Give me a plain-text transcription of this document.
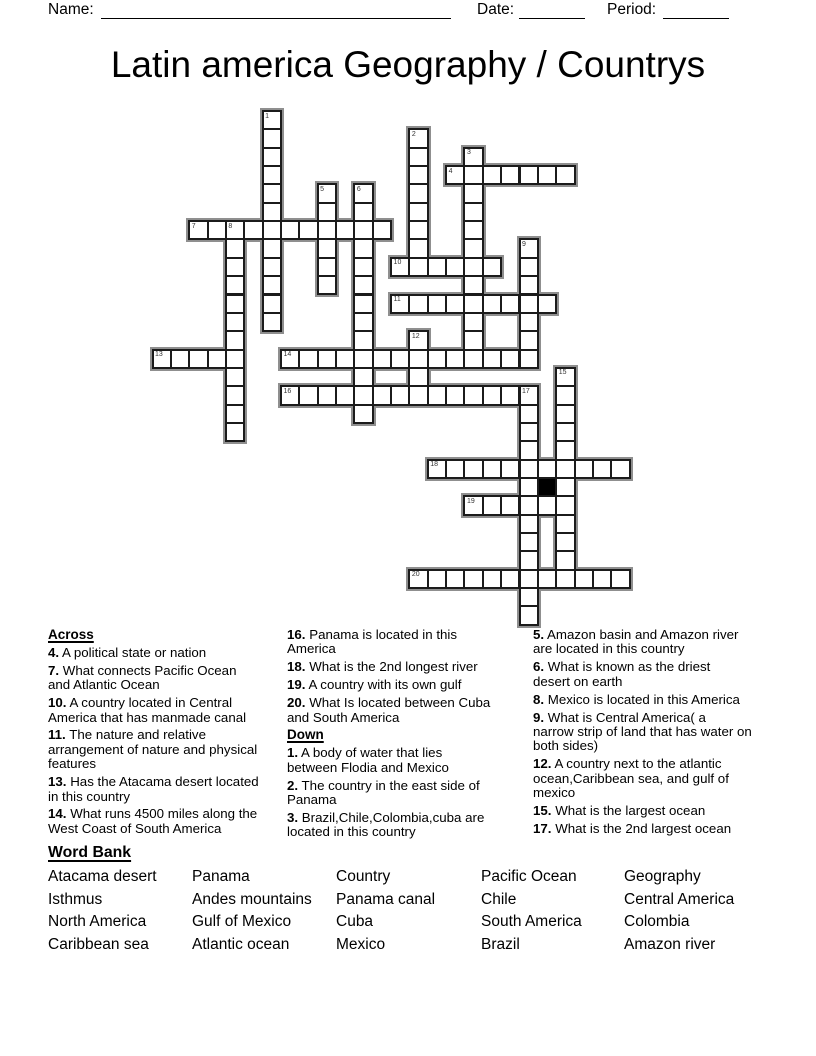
Name:	Date:	Period:
Latin america Geography / Countrys
1
2
3
4
5	6
7	8
9
10
11
12
13	14
15
16	17
18
19
20
Across
4. A political state or nation
7. What connects Pacific Ocean
and Atlantic Ocean
10. A country located in Central
America that has manmade canal
11. The nature and relative
arrangement of nature and physical
features
13. Has the Atacama desert located
in this country
14. What runs 4500 miles along the
West Coast of South America
16. Panama is located in this
America
18. What is the 2nd longest river
19. A country with its own gulf
20. What Is located between Cuba
and South America
Down
1. A body of water that lies
between Flodia and Mexico
2. The country in the east side of
Panama
3. Brazil,Chile,Colombia,cuba are
located in this country
5. Amazon basin and Amazon river
are located in this country
6. What is known as the driest
desert on earth
8. Mexico is located in this America
9. What is Central America( a
narrow strip of land that has water on
both sides)
12. A country next to the atlantic
ocean,Caribbean sea, and gulf of
mexico
15. What is the largest ocean
17. What is the 2nd largest ocean
Word Bank
Atacama desert	Panama	Country	Pacific Ocean	Geography
Isthmus	Andes mountains	Panama canal	Chile	Central America
North America	Gulf of Mexico	Cuba	South America	Colombia
Caribbean sea	Atlantic ocean	Mexico	Brazil	Amazon river
